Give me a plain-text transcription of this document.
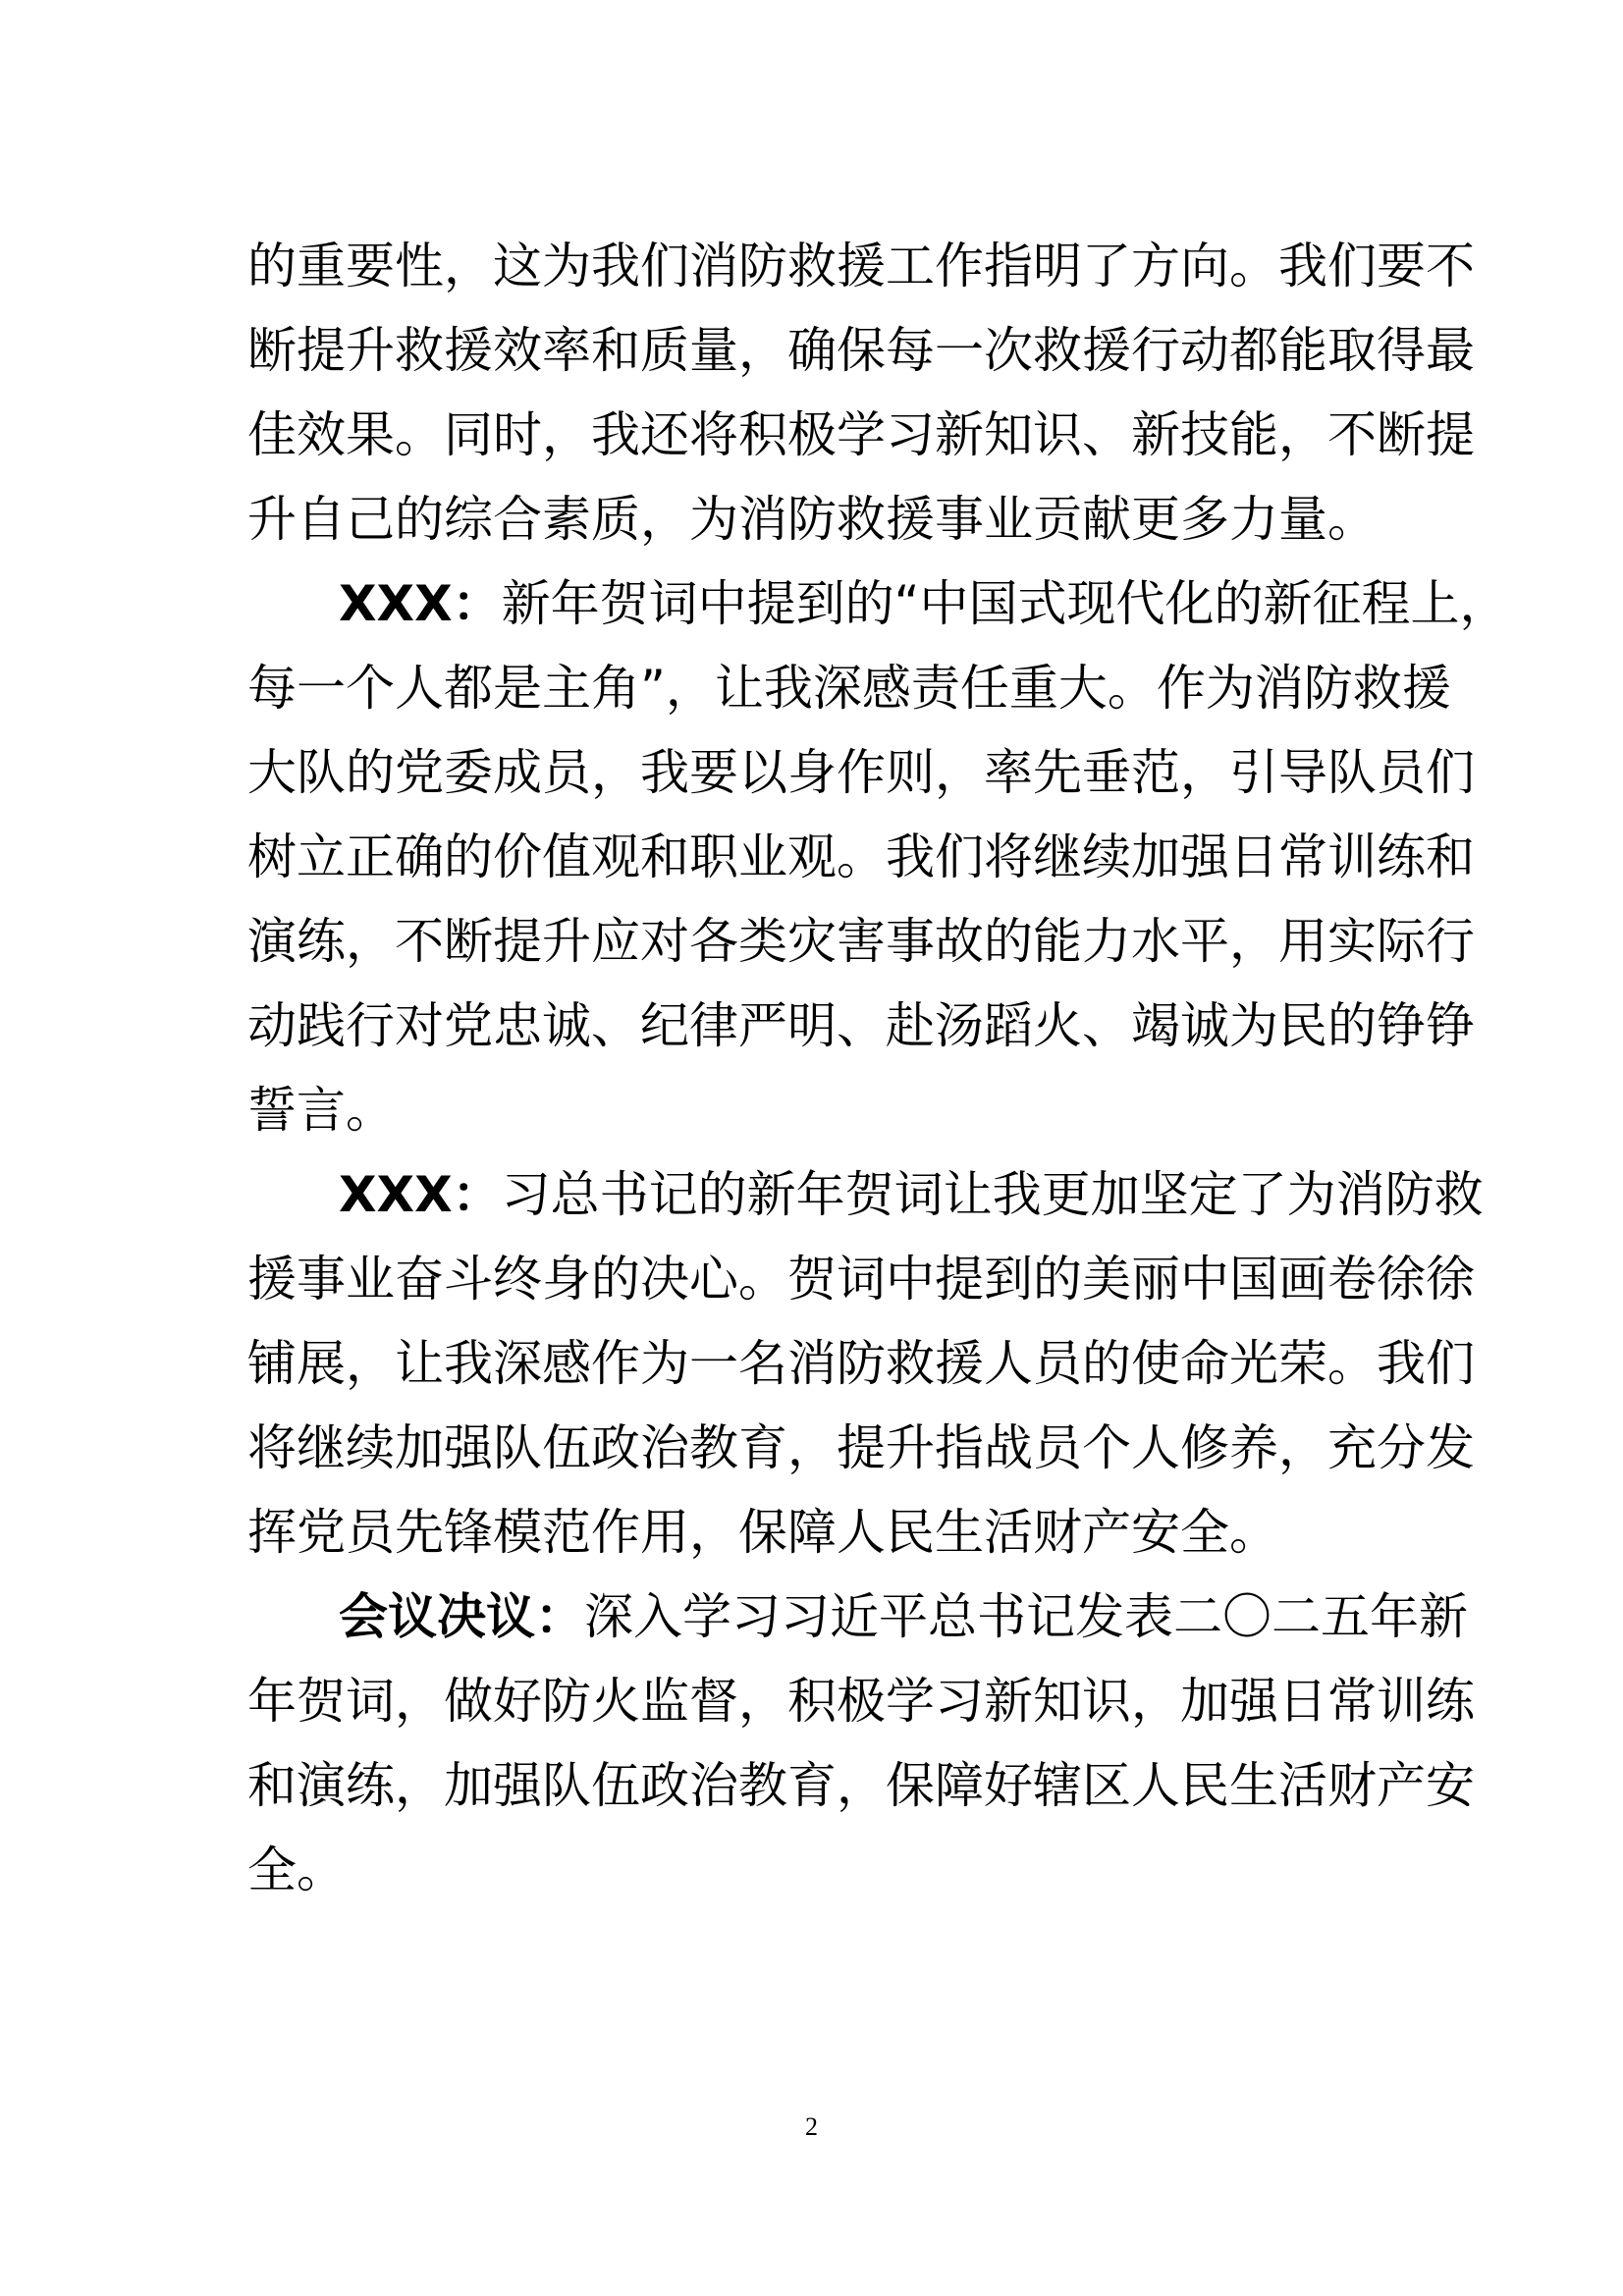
的重要性，这为我们消防救援工作指明了方向。我们要不
断提升救援效率和质量，确保每一次救援行动都能取得最
佳效果。同时，我还将积极学习新知识、新技能，不断提
升自己的综合素质，为消防救援事业贡献更多力量。
XXX：新年贺词中提到的“中国式现代化的新征程上，
每一个人都是主角”，让我深感责任重大。作为消防救援
大队的党委成员，我要以身作则，率先垂范，引导队员们
树立正确的价值观和职业观。我们将继续加强日常训练和
演练，不断提升应对各类灾害事故的能力水平，用实际行
动践行对党忠诚、纪律严明、赴汤蹈火、竭诚为民的铮铮
誓言。
XXX：习总书记的新年贺词让我更加坚定了为消防救
援事业奋斗终身的决心。贺词中提到的美丽中国画卷徐徐
铺展，让我深感作为一名消防救援人员的使命光荣。我们
将继续加强队伍政治教育，提升指战员个人修养，充分发
挥党员先锋模范作用，保障人民生活财产安全。
会议决议：深入学习习近平总书记发表二〇二五年新
年贺词，做好防火监督，积极学习新知识，加强日常训练
和演练，加强队伍政治教育，保障好辖区人民生活财产安
全。
2
